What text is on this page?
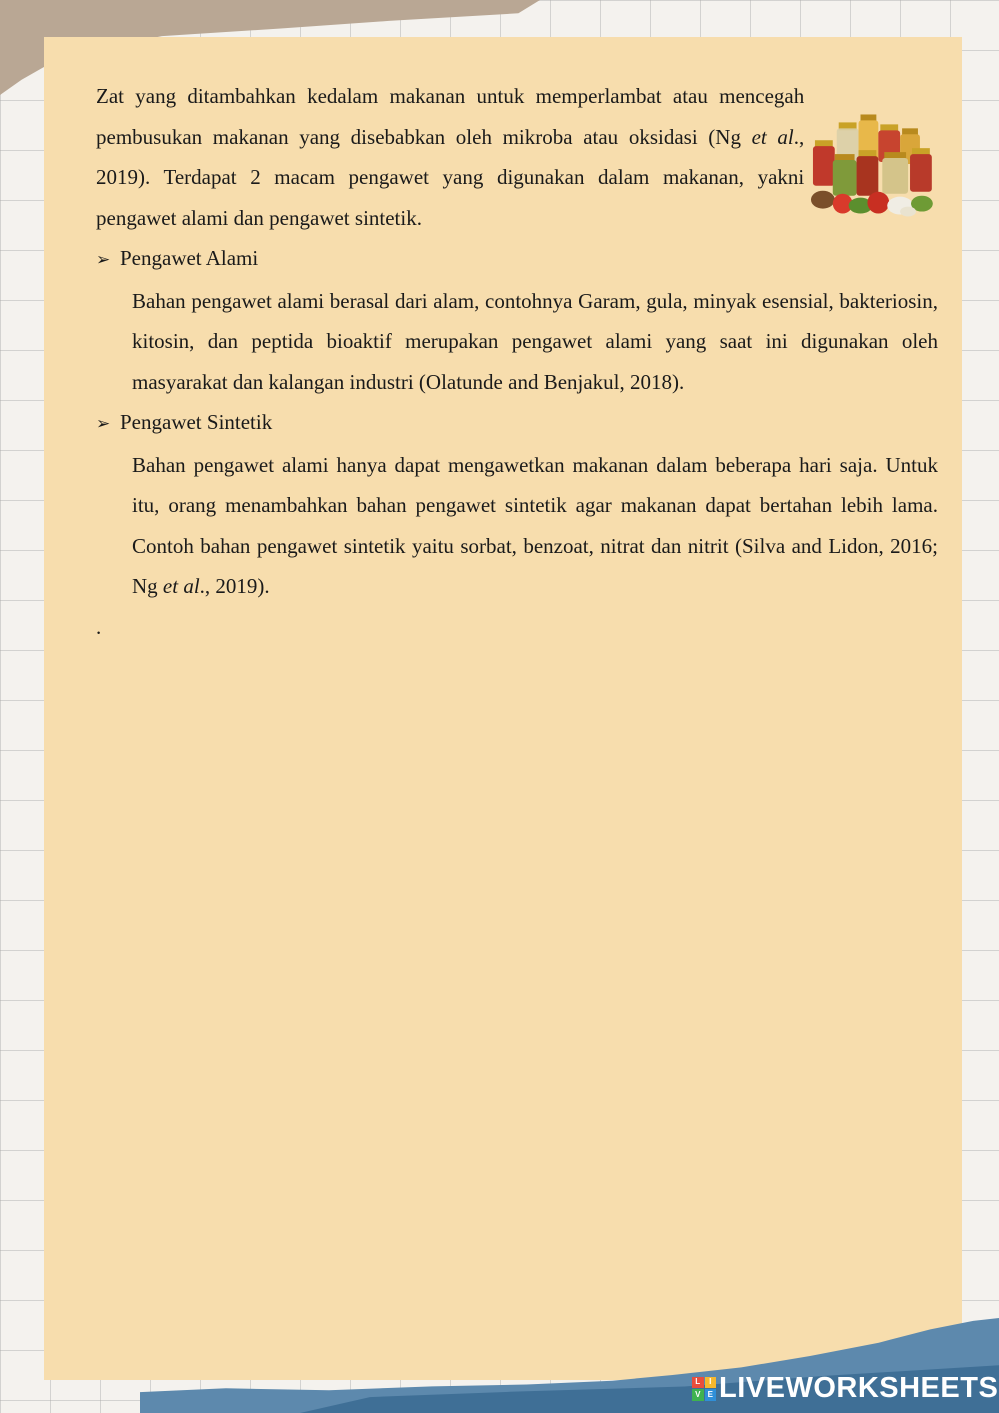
Zat yang ditambahkan kedalam makanan untuk memperlambat atau mencegah pembusukan makanan yang disebabkan oleh mikroba atau oksidasi (Ng et al., 2019). Terdapat 2 macam pengawet yang digunakan dalam makanan, yakni pengawet alami dan pengawet sintetik.

➢ Pengawet Alami

Bahan pengawet alami berasal dari alam, contohnya Garam, gula, minyak esensial, bakteriosin, kitosin, dan peptida bioaktif merupakan pengawet alami yang saat ini digunakan oleh masyarakat dan kalangan industri (Olatunde and Benjakul, 2018).

➢ Pengawet Sintetik

Bahan pengawet alami hanya dapat mengawetkan makanan dalam beberapa hari saja. Untuk itu, orang menambahkan bahan pengawet sintetik agar makanan dapat bertahan lebih lama. Contoh bahan pengawet sintetik yaitu sorbat, benzoat, nitrat dan nitrit (Silva and Lidon, 2016; Ng et al., 2019).

.

L	I
V E LIVEWORKSHEETS
